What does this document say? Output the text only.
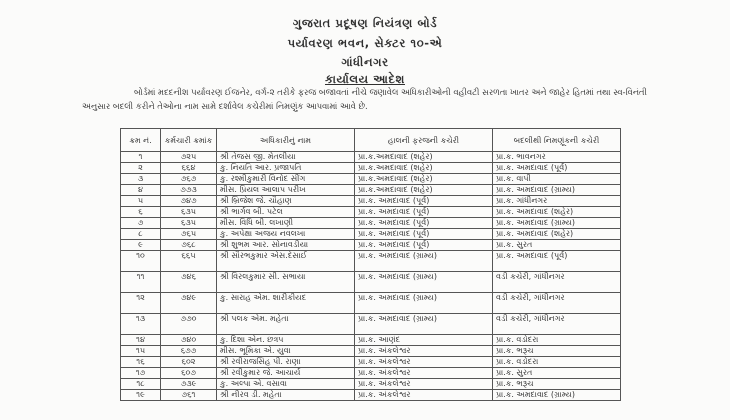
ગુજરાત પ્રદૂષણ નિયંત્રણ બોર્ડ
પર્યાવરણ ભવન, સેક્ટર ૧૦-એ
ગાંધીનગર
કાર્યાલય આદેશ
બોર્ડમાં મદદનીશ પર્યાવરણ ઈજનેર, વર્ગ-૨ તરીકે ફરજ બજાવતાં નીચે જણાવેલ અધિકારીઓની વહીવટી સરળતા ખાતર અને જાહેર હિતમાં તથા સ્વ-વિનંતી અનુસાર બદલી કરીને તેઓના નામ સામે દર્શાવેલ કચેરીમાં નિમણુંક આપવામાં આવે છે.
ક્રમ નં.	કર્મચારી ક્રમાંક	અધિકારીનું નામ	હાલની ફરજની કચેરી	બદલીથી નિમણૂંકની કચેરી
૧	૭૨૫	શ્રી તેજસ જી. મેતલીયા	પ્રા.ક.અમદાવાદ (શહેર)	પ્રા.ક. ભાવનગર
૨	૬૬૪	કુ. નિયતિ આર. પ્રજાપતિ	પ્રા.ક.અમદાવાદ (શહેર)	પ્રા.ક. અમદાવાદ (પૂર્વ)
૩	૭૬૭	કુ. રશ્મીકુમારી વિનોદ સીંગ	પ્રા.ક.અમદાવાદ (શહેર)	પ્રા.ક. વાપી
૪	૭૭૩	મીસ. પ્રિયલ આલાપ પરીખ	પ્રા.ક.અમદાવાદ (શહેર)	પ્રા.ક. અમદાવાદ (ગ્રામ્ય)
૫	૭૪૭	શ્રી બ્રિજેશ જે. ચૌહાણ	પ્રા.ક. અમદાવાદ (પૂર્વ)	પ્રા.ક. ગાંધીનગર
૬	૬૩૫	શ્રી ભાર્ગવ બી. પટેલ	પ્રા.ક. અમદાવાદ (પૂર્વ)	પ્રા.ક. અમદાવાદ (શહેર)
૭	૬૩૫	મીસ. વિધિ બી. લખાણી	પ્રા.ક. અમદાવાદ (પૂર્વ)	પ્રા.ક. અમદાવાદ (ગ્રામ્ય)
૮	૭૬૫	કુ. અપેક્ષા અજય નવલખા	પ્રા.ક. અમદાવાદ (પૂર્વ)	પ્રા.ક. અમદાવાદ (શહેર)
૯	૭૬૮	શ્રી શુભમ આર. સોનાવડીયા	પ્રા.ક. અમદાવાદ (પૂર્વ)	પ્રા.ક. સુરત
૧૦	૬૬૫	શ્રી સૌરભકુમાર એસ.દેસાઈ	પ્રા.ક. અમદાવાદ (ગ્રામ્ય)	પ્રા.ક. અમદાવાદ (પૂર્વ)
૧૧	૭૪૬	શ્રી વિરલકુમાર સી. સભાયા	પ્રા.ક. અમદાવાદ (ગ્રામ્ય)	વડી કચેરી, ગાંધીનગર
૧૨	૭૪૯	કુ. સારાહ એમ. શારીકીયદ	પ્રા.ક. અમદાવાદ (ગ્રામ્ય)	વડી કચેરી, ગાંધીનગર
૧૩	૭૭૦	શ્રી પલક એમ. મહેતા	પ્રા.ક. અમદાવાદ (ગ્રામ્ય)	વડી કચેરી, ગાંધીનગર
૧૪	૭૪૦	કુ. દિશા એન. છત્રપ	પ્રા.ક. આણંદ	પ્રા.ક. વડોદરા
૧૫	૬૭૭	મીસ. ભૂમિકા એ. યુવા	પ્રા.ક. અંકલેશ્વર	પ્રા.ક. ભરૂચ
૧૬	૬૦૨	શ્રી રવીરાજસિંહ પી. રાણા	પ્રા.ક. અંકલેશ્વર	પ્રા.ક. વડોદરા
૧૭	૬૦૭	શ્રી રવીકુમાર જે. આચાર્ય	પ્રા.ક. અંકલેશ્વર	પ્રા.ક. સુરત
૧૮	૭૩૯	કુ. અલ્પા એ. વસાવા	પ્રા.ક. અંકલેશ્વર	પ્રા.ક. ભરૂચ
૧૯	૭૬૧	શ્રી નીરવ ડી. મહેતા	પ્રા.ક. અંકલેશ્વર	પ્રા.ક. અમદાવાદ (ગ્રામ્ય)
